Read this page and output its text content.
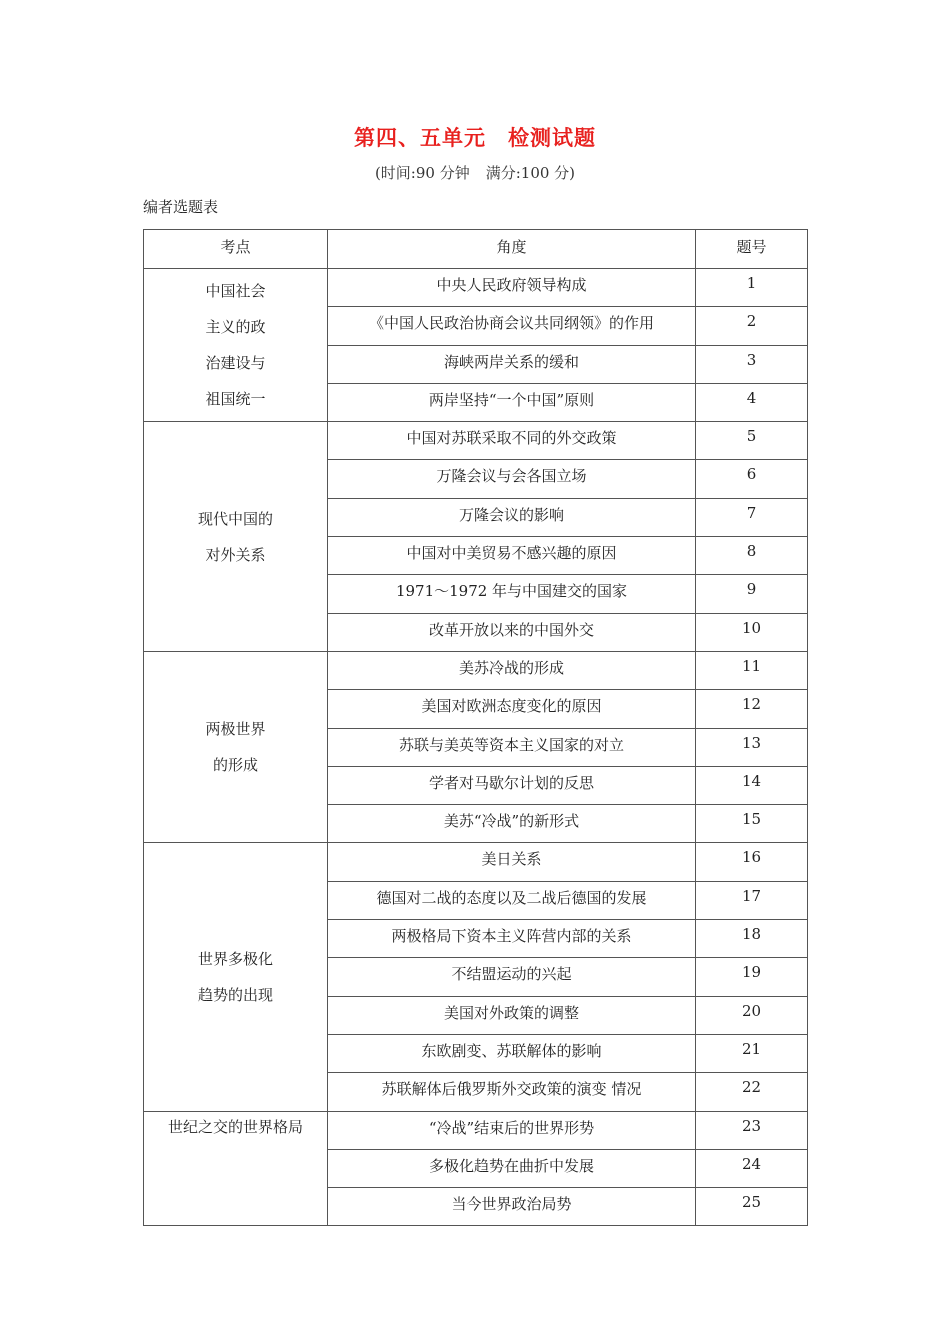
第四、五单元 检测试题
(时间:90 分钟 满分:100 分)
编者选题表
考点	角度	题号

中国社会
主义的政
治建设与
祖国统一	中央人民政府领导构成	1
	《中国人民政治协商会议共同纲领》的作用	2
	海峡两岸关系的缓和	3
	两岸坚持“一个中国”原则	4

现代中国的
对外关系	中国对苏联采取不同的外交政策	5
	万隆会议与会各国立场	6
	万隆会议的影响	7
	中国对中美贸易不感兴趣的原因	8
	1971～1972 年与中国建交的国家	9
	改革开放以来的中国外交	10

两极世界
的形成	美苏冷战的形成	11
	美国对欧洲态度变化的原因	12
	苏联与美英等资本主义国家的对立	13
	学者对马歇尔计划的反思	14
	美苏“冷战”的新形式	15

世界多极化
趋势的出现	美日关系	16
	德国对二战的态度以及二战后德国的发展	17
	两极格局下资本主义阵营内部的关系	18
	不结盟运动的兴起	19
	美国对外政策的调整	20
	东欧剧变、苏联解体的影响	21
	苏联解体后俄罗斯外交政策的演变 情况	22

世纪之交的世界格局	“冷战”结束后的世界形势	23
	多极化趋势在曲折中发展	24
	当今世界政治局势	25
